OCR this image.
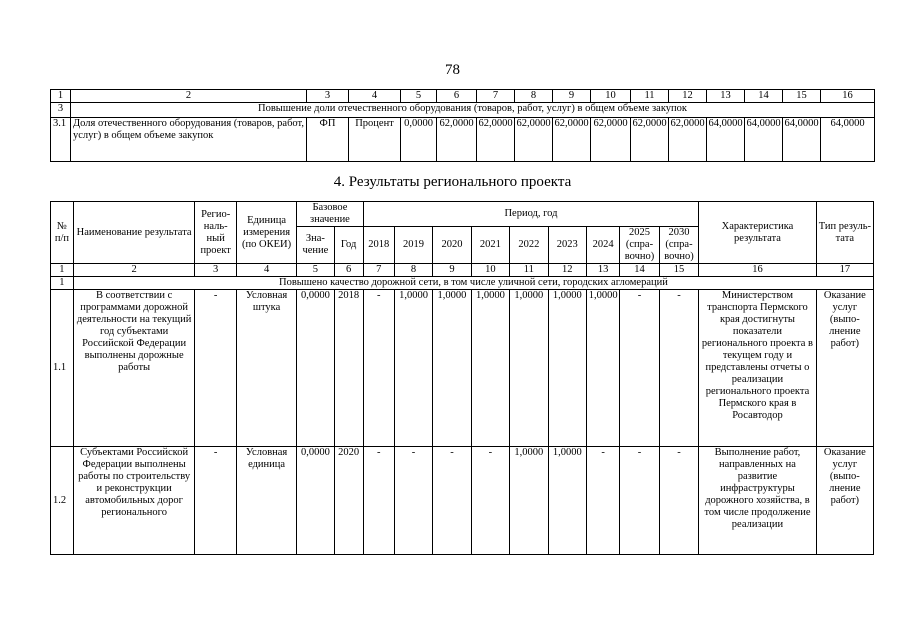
78
1	2	3	4	5	6	7	8	9	10	11	12	13	14	15	16
3	Повышение доли отечественного оборудования (товаров, работ, услуг) в общем объеме закупок														
3.1	Доля отечественного оборудования (товаров, работ, услуг) в общем объеме закупок	ФП	Процент	0,0000	62,0000	62,0000	62,0000	62,0000	62,0000	62,0000	62,0000	64,0000	64,0000	64,0000	64,0000
4. Результаты регионального проекта
№ п/п	Наименование результата	Регио-наль-ный проект	Единица измерения (по ОКЕИ)	Базовое значение		Период, год									Характеристика результата	Тип резуль-тата
				Зна-чение	Год	2018	2019	2020	2021	2022	2023	2024	2025 (спра-вочно)	2030 (спра-вочно)		

1	2	3	4	5	6	7	8	9	10	11	12	13	14	15	16	17
1	Повышено качество дорожной сети, в том числе уличной сети, городских агломераций															
1.1	В соответствии с программами дорожной деятельности на текущий год субъектами Российской Федерации выполнены дорожные работы	-	Условная штука	0,0000	2018	-	1,0000	1,0000	1,0000	1,0000	1,0000	1,0000	-	-	Министерством транспорта Пермского края достигнуты показатели регионального проекта в текущем году и представлены отчеты о реализации регионального проекта Пермского края в Росавтодор	Оказание услуг (выпо-лнение работ)
1.2	Субъектами Российской Федерации выполнены работы по строительству и реконструкции автомобильных дорог регионального	-	Условная единица	0,0000	2020	-	-	-	-	1,0000	1,0000	-	-	-	Выполнение работ, направленных на развитие инфраструктуры дорожного хозяйства, в том числе продолжение реализации	Оказание услуг (выпо-лнение работ)
